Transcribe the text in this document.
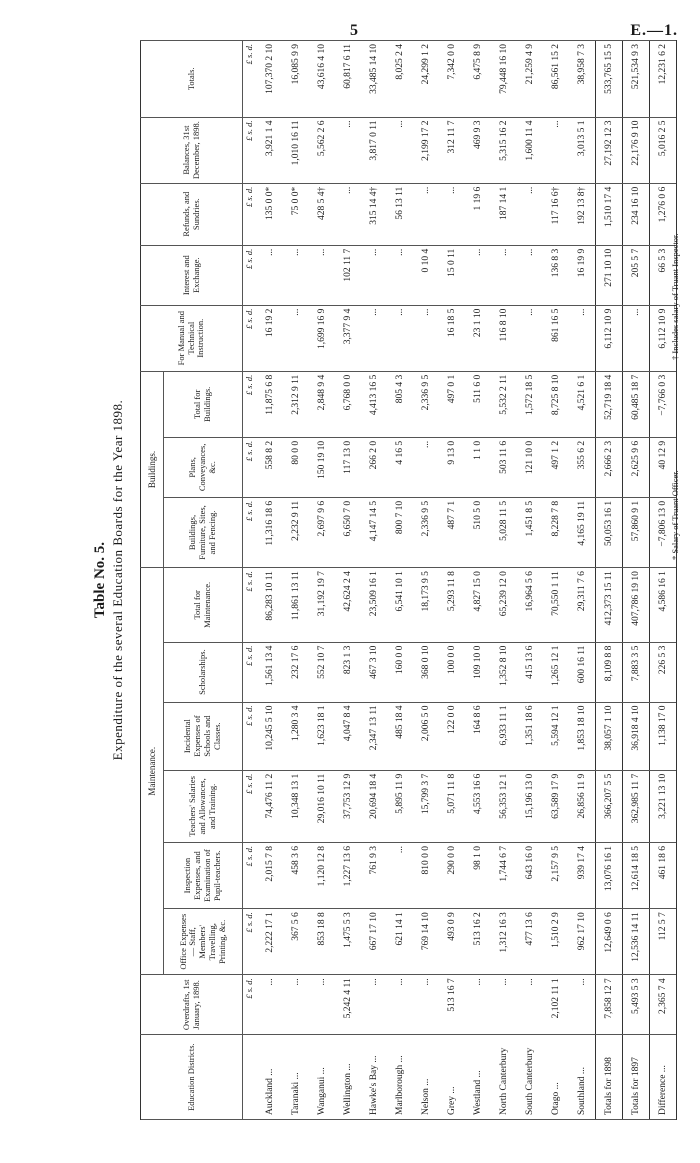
5	E.—1.
Table No. 5. Expenditure of the several Education Boards for the Year 1898.
Education Districts.	Overdrafts, 1st January, 1898.	Maintenance.						Buildings.			For Manual and Technical Instruction.	Interest and Exchange.	Refunds, and Sundries.	Balances, 31st December, 1898.	Totals.
		Office Expenses— Staff, Members' Travelling, Printing, &c.	Inspection Expenses, and Examination of Pupil-teachers.	Teachers' Salaries and Allowances, and Training.	Incidental Expenses of Schools and Classes.	Scholarships.	Total for Maintenance.	Buildings, Furniture, Sites, and Fencing.	Plans, Conveyances, &c.	Total for Buildings.					
	£ s. d.	£ s. d.	£ s. d.	£ s. d.	£ s. d.	£ s. d.	£ s. d.	£ s. d.	£ s. d.	£ s. d.	£ s. d.	£ s. d.	£ s. d.	£ s. d.	£ s. d.
Auckland ...	...	2,222 17 1	2,015 7 8	74,476 11 2	10,245 5 10	1,561 13 4	86,283 10 11	11,316 18 6	558 8 2	11,875 6 8	16 19 2	...	135 0 0*	3,921 1 4	107,370 2 10
Taranaki ...	...	367 5 6	458 3 6	10,348 13 1	1,280 3 4	232 17 6	11,861 13 11	2,232 9 11	80 0 0	2,312 9 11	...	...	75 0 0*	1,010 16 11	16,085 9 9
Wanganui ...	...	853 18 8	1,120 12 8	29,016 10 11	1,623 18 1	552 10 7	31,192 19 7	2,697 9 6	150 19 10	2,848 9 4	1,699 16 9	...	428 5 4†	5,562 2 6	43,616 4 10
Wellington ...	5,242 4 11	1,475 5 3	1,227 13 6	37,753 12 9	4,047 8 4	823 1 3	42,624 2 4	6,650 7 0	117 13 0	6,768 0 0	3,377 9 4	102 11 7	...	...	60,817 6 11
Hawke's Bay ...	...	667 17 10	761 9 3	20,694 18 4	2,347 13 11	467 3 10	23,509 16 1	4,147 14 5	266 2 0	4,413 16 5	...	...	315 14 4†	3,817 0 11	33,485 14 10
Marlborough ...	...	621 14 1	...	5,895 11 9	485 18 4	160 0 0	6,541 10 1	800 7 10	4 16 5	805 4 3	...	...	56 13 11	...	8,025 2 4
Nelson ...	...	769 14 10	810 0 0	15,799 3 7	2,006 5 0	368 0 10	18,173 9 5	2,336 9 5	...	2,336 9 5	...	0 10 4	...	2,199 17 2	24,299 1 2
Grey ...	513 16 7	493 0 9	290 0 0	5,071 11 8	122 0 0	100 0 0	5,293 11 8	487 7 1	9 13 0	497 0 1	16 18 5	15 0 11	...	312 11 7	7,342 0 0
Westland ...	...	513 16 2	98 1 0	4,553 16 6	164 8 6	109 10 0	4,827 15 0	510 5 0	1 1 0	511 6 0	23 1 10	...	1 19 6	469 9 3	6,475 8 9
North Canterbury	...	1,312 16 3	1,744 6 7	56,353 12 1	6,933 11 1	1,352 8 10	65,239 12 0	5,028 11 5	503 11 6	5,532 2 11	116 8 10	...	187 14 1	5,315 16 2	79,448 16 10
South Canterbury	...	477 13 6	643 16 0	15,196 13 0	1,351 18 6	415 13 6	16,964 5 6	1,451 8 5	121 10 0	1,572 18 5	...	...	...	1,600 11 4	21,259 4 9
Otago ...	2,102 11 1	1,510 2 9	2,157 9 5	63,589 17 9	5,594 12 1	1,265 12 1	70,550 1 11	8,228 7 8	497 1 2	8,725 8 10	861 16 5	136 8 3	117 16 6†	...	86,561 15 2
Southland ...	...	962 17 10	939 17 4	26,856 11 9	1,853 18 10	600 16 11	29,311 7 6	4,165 19 11	355 6 2	4,521 6 1	...	16 19 9	192 13 8†	3,013 5 1	38,958 7 3
Totals for 1898	7,858 12 7	12,649 0 6	13,076 16 1	366,207 5 5	38,057 1 10	8,109 8 8	412,373 15 11	50,053 16 1	2,666 2 3	52,719 18 4	6,112 10 9	271 10 10	1,510 17 4	27,192 12 3	533,765 15 5
Totals for 1897	5,493 5 3	12,536 14 11	12,614 18 5	362,985 11 7	36,918 4 10	7,883 3 5	407,786 19 10	57,860 9 1	2,625 9 6	60,485 18 7	...	205 5 7	234 16 10	22,176 9 10	521,534 9 3
Difference ...	2,365 7 4	112 5 7	461 18 6	3,221 13 10	1,138 17 0	226 5 3	4,586 16 1	−7,806 13 0	40 12 9	−7,766 0 3	6,112 10 9	66 5 3	1,276 0 6	5,016 2 5	12,231 6 2
* Salary of Truant Officer.
† Includes salary of Truant Inspector.
